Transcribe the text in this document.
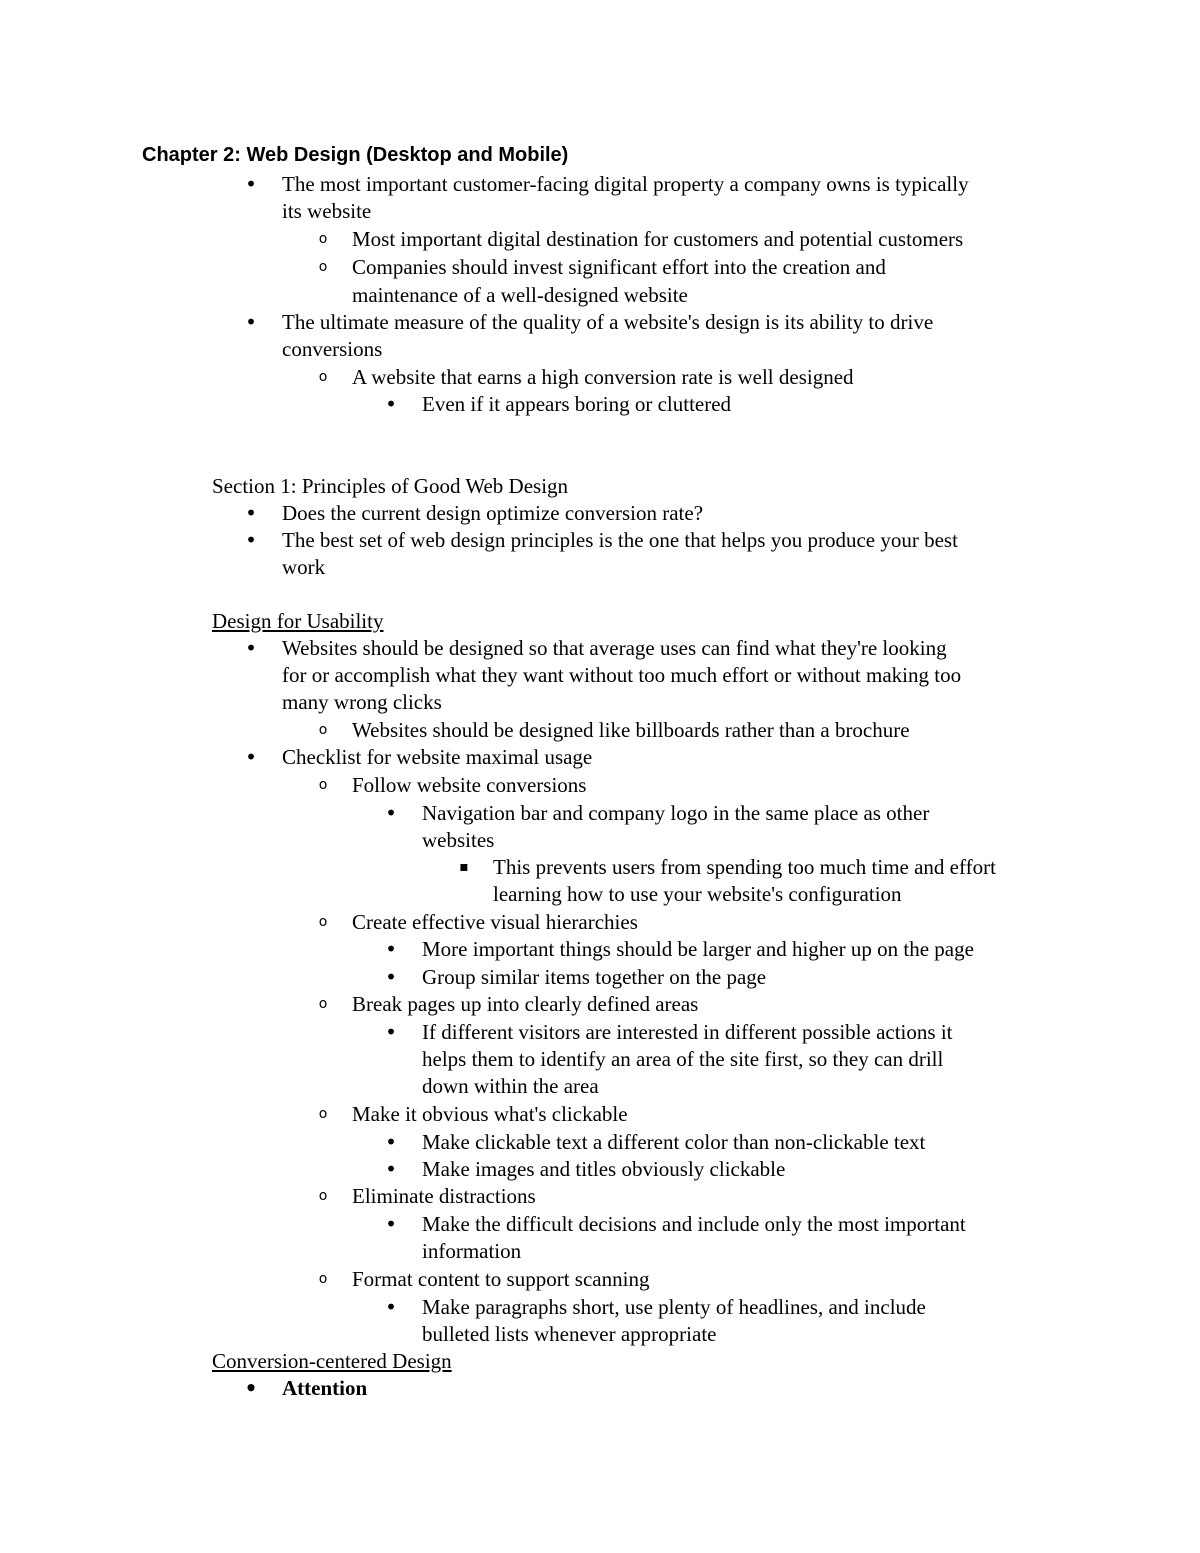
Chapter 2: Web Design (Desktop and Mobile)
• The most important customer-facing digital property a company owns is typically
its website
o	Most important digital destination for customers and potential customers
o	Companies should invest significant effort into the creation and
maintenance of a well-designed website
• The ultimate measure of the quality of a website's design is its ability to drive
conversions
o	A website that earns a high conversion rate is well designed
• Even if it appears boring or cluttered
Section 1: Principles of Good Web Design
• Does the current design optimize conversion rate?
• The best set of web design principles is the one that helps you produce your best
work
Design for Usability
• Websites should be designed so that average uses can find what they're looking
for or accomplish what they want without too much effort or without making too
many wrong clicks
o	Websites should be designed like billboards rather than a brochure
• Checklist for website maximal usage
o	Follow website conversions
• Navigation bar and company logo in the same place as other
websites
▪ This prevents users from spending too much time and effort
learning how to use your website's configuration
o	Create effective visual hierarchies
• More important things should be larger and higher up on the page
• Group similar items together on the page
o	Break pages up into clearly defined areas
• If different visitors are interested in different possible actions it
helps them to identify an area of the site first, so they can drill
down within the area
o	Make it obvious what's clickable
• Make clickable text a different color than non-clickable text
• Make images and titles obviously clickable
o	Eliminate distractions
• Make the difficult decisions and include only the most important
information
o	Format content to support scanning
• Make paragraphs short, use plenty of headlines, and include
bulleted lists whenever appropriate
Conversion-centered Design
• Attention
